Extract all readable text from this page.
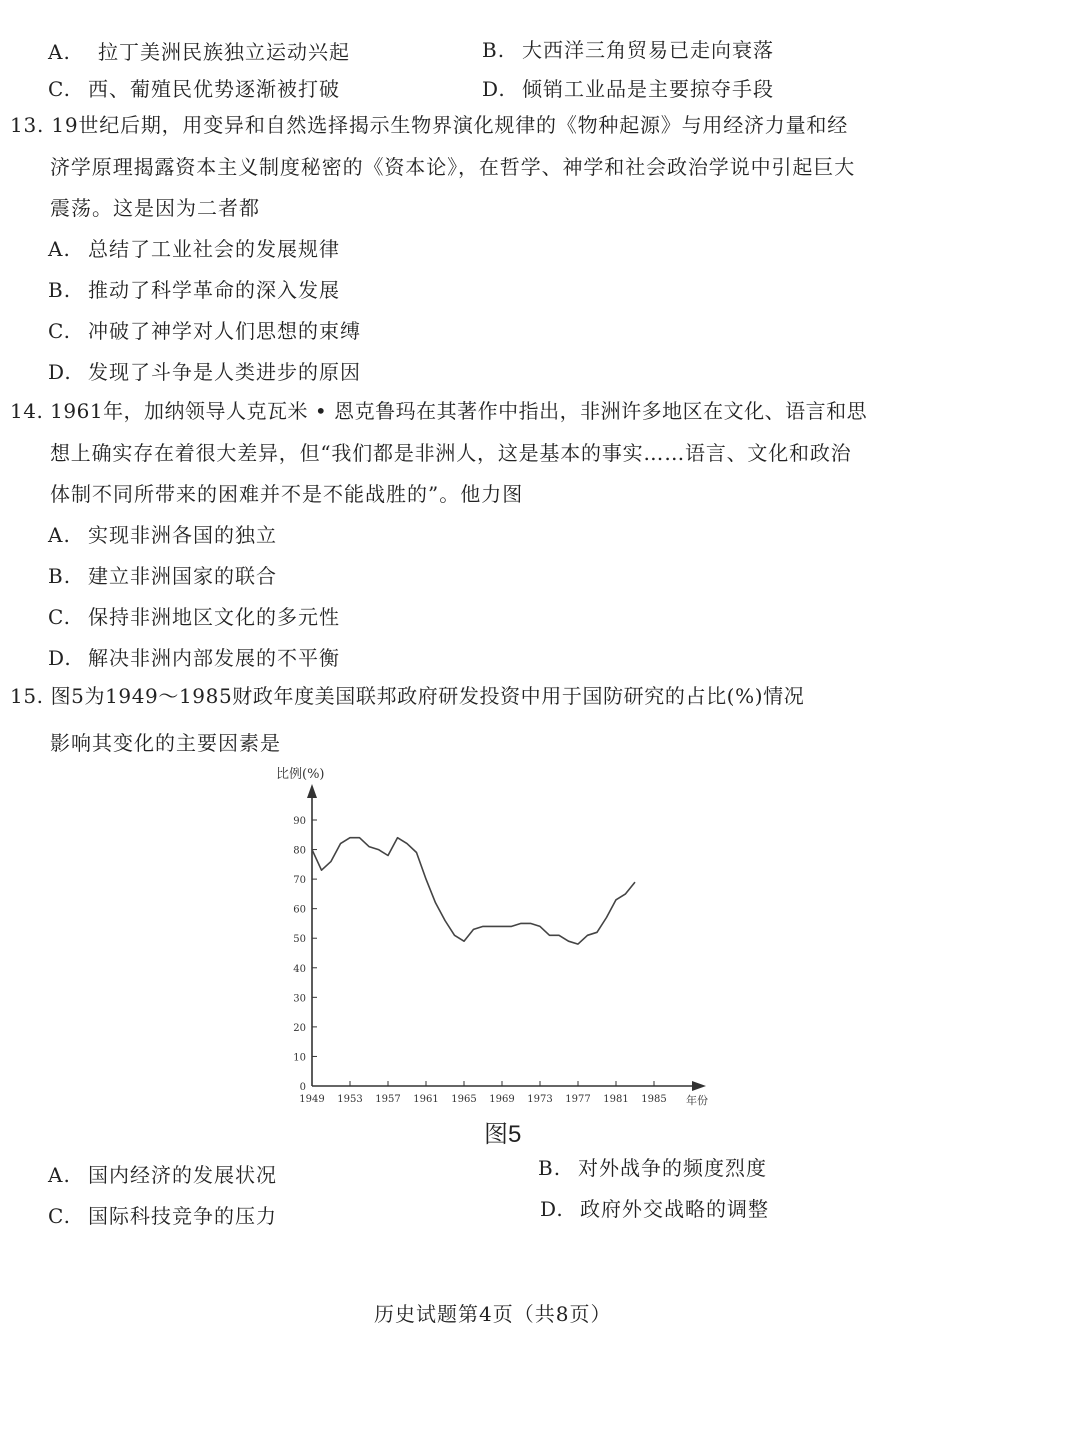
A. 拉丁美洲民族独立运动兴起	B. 大西洋三角贸易已走向衰落
C. 西、葡殖民优势逐渐被打破	D. 倾销工业品是主要掠夺手段
13. 19世纪后期，用变异和自然选择揭示生物界演化规律的《物种起源》与用经济力量和经
济学原理揭露资本主义制度秘密的《资本论》，在哲学、神学和社会政治学说中引起巨大
震荡。这是因为二者都
A. 总结了工业社会的发展规律
B. 推动了科学革命的深入发展
C. 冲破了神学对人们思想的束缚
D. 发现了斗争是人类进步的原因
14. 1961年，加纳领导人克瓦米 • 恩克鲁玛在其著作中指出，非洲许多地区在文化、语言和思
想上确实存在着很大差异，但“我们都是非洲人，这是基本的事实……语言、文化和政治
体制不同所带来的困难并不是不能战胜的”。他力图
A. 实现非洲各国的独立
B. 建立非洲国家的联合
C. 保持非洲地区文化的多元性
D. 解决非洲内部发展的不平衡
15. 图5为1949～1985财政年度美国联邦政府研发投资中用于国防研究的占比(%)情况
影响其变化的主要因素是
比例(%)
年份
0
10
20
30
40
50
60
70
80
90
1949 1953 1957 1961 1965 1969 1973 1977 1981 1985
图5
A. 国内经济的发展状况	B. 对外战争的频度烈度
C. 国际科技竞争的压力	D. 政府外交战略的调整
历史试题第4页（共8页）
